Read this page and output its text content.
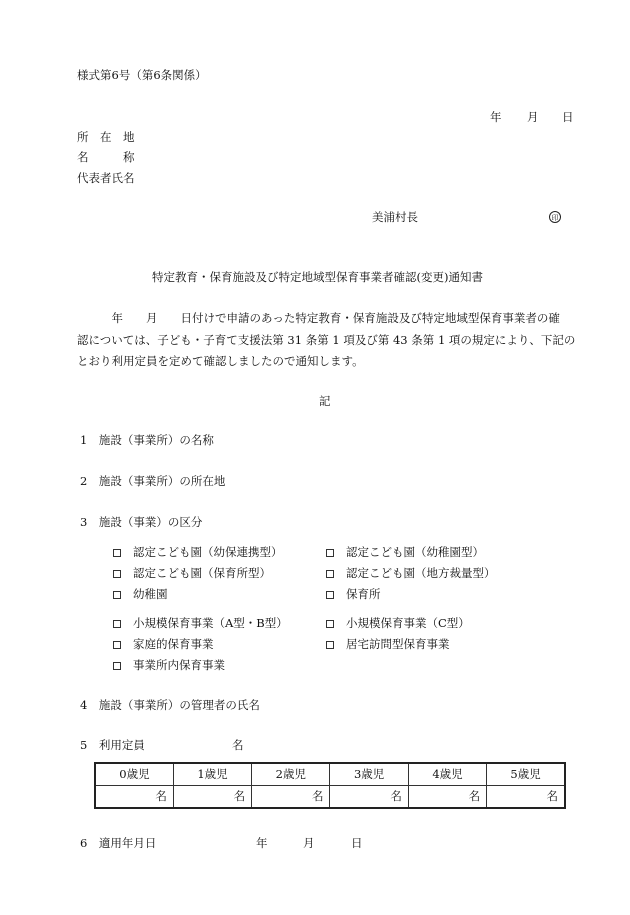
様式第6号（第6条関係）
年 月 日
所　在　地
名　　　称
代表者氏名
美浦村長	印
特定教育・保育施設及び特定地域型保育事業者確認(変更)通知書
　　　年　　月　　日付けで申請のあった特定教育・保育施設及び特定地域型保育事業者の確
認については、子ども・子育て支援法第 31 条第 1 項及び第 43 条第 1 項の規定により、下記の
とおり利用定員を定めて確認しましたので通知します。
記
1　施設（事業所）の名称
2　施設（事業所）の所在地
3　施設（事業）の区分
認定こども園（幼保連携型）	認定こども園（幼稚園型）
認定こども園（保育所型）	認定こども園（地方裁量型）
幼稚園	保育所
小規模保育事業（A型・B型）	小規模保育事業（C型）
家庭的保育事業	居宅訪問型保育事業
事業所内保育事業
4　施設（事業所）の管理者の氏名
5　利用定員	名
0歳児	1歳児	2歳児	3歳児	4歳児	5歳児
名	名	名	名	名	名
6　適用年月日	年	月	日
